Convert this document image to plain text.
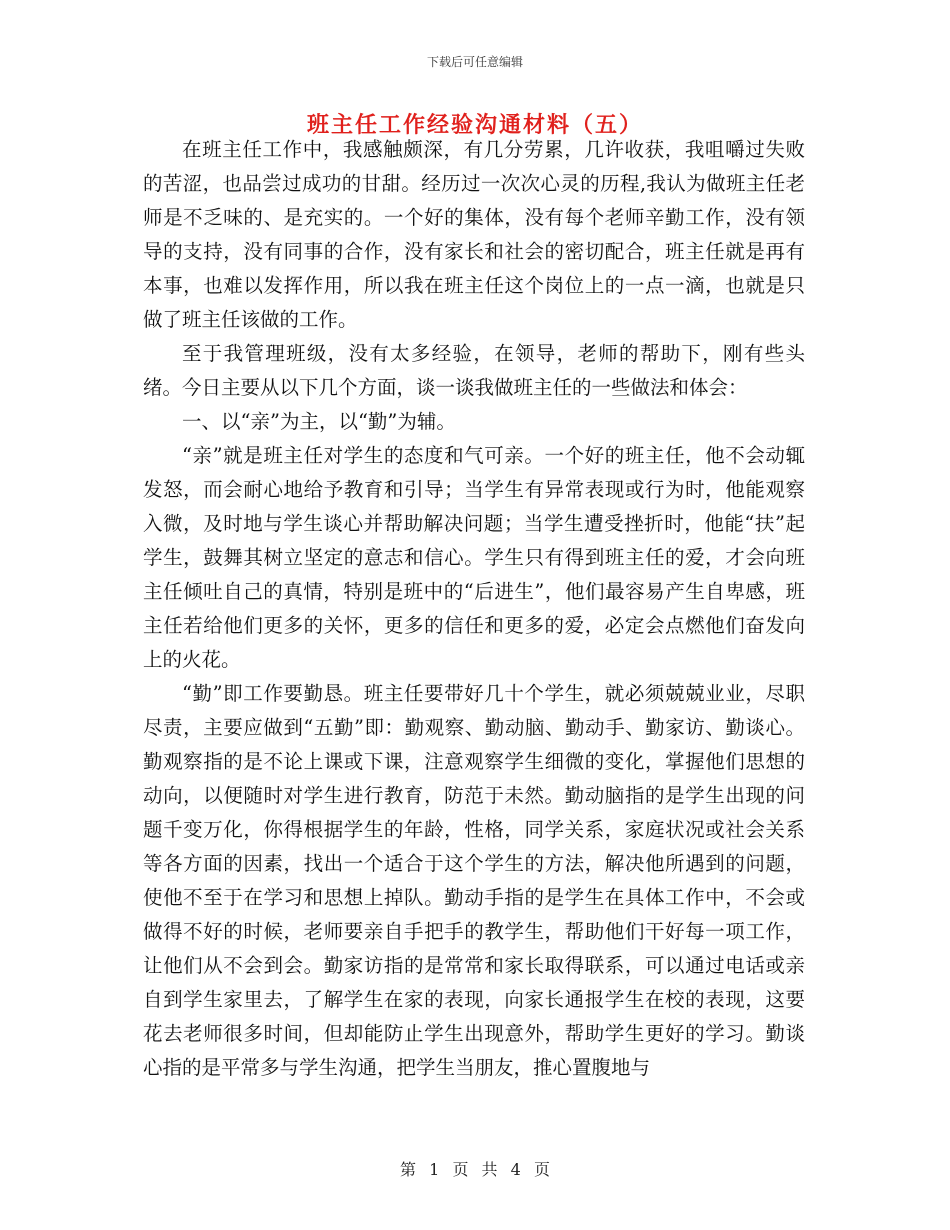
下载后可任意编辑
班主任工作经验沟通材料（五）

在班主任工作中，我感触颇深，有几分劳累，几许收获，我咀嚼过失败的苦涩，也品尝过成功的甘甜。经历过一次次心灵的历程,我认为做班主任老师是不乏味的、是充实的。一个好的集体，没有每个老师辛勤工作，没有领导的支持，没有同事的合作，没有家长和社会的密切配合，班主任就是再有本事，也难以发挥作用，所以我在班主任这个岗位上的一点一滴，也就是只做了班主任该做的工作。

至于我管理班级，没有太多经验，在领导，老师的帮助下，刚有些头绪。今日主要从以下几个方面，谈一谈我做班主任的一些做法和体会：

一、以“亲”为主，以“勤”为辅。

“亲”就是班主任对学生的态度和气可亲。一个好的班主任，他不会动辄发怒，而会耐心地给予教育和引导；当学生有异常表现或行为时，他能观察入微，及时地与学生谈心并帮助解决问题；当学生遭受挫折时，他能“扶”起学生，鼓舞其树立坚定的意志和信心。学生只有得到班主任的爱，才会向班主任倾吐自己的真情，特别是班中的“后进生”，他们最容易产生自卑感，班主任若给他们更多的关怀，更多的信任和更多的爱，必定会点燃他们奋发向上的火花。

“勤”即工作要勤恳。班主任要带好几十个学生，就必须兢兢业业，尽职尽责，主要应做到“五勤”即：勤观察、勤动脑、勤动手、勤家访、勤谈心。勤观察指的是不论上课或下课，注意观察学生细微的变化，掌握他们思想的动向，以便随时对学生进行教育，防范于未然。勤动脑指的是学生出现的问题千变万化，你得根据学生的年龄，性格，同学关系，家庭状况或社会关系等各方面的因素，找出一个适合于这个学生的方法，解决他所遇到的问题，使他不至于在学习和思想上掉队。勤动手指的是学生在具体工作中，不会或做得不好的时候，老师要亲自手把手的教学生，帮助他们干好每一项工作，让他们从不会到会。勤家访指的是常常和家长取得联系，可以通过电话或亲自到学生家里去，了解学生在家的表现，向家长通报学生在校的表现，这要花去老师很多时间，但却能防止学生出现意外，帮助学生更好的学习。勤谈心指的是平常多与学生沟通，把学生当朋友，推心置腹地与

第 1 页 共 4 页
